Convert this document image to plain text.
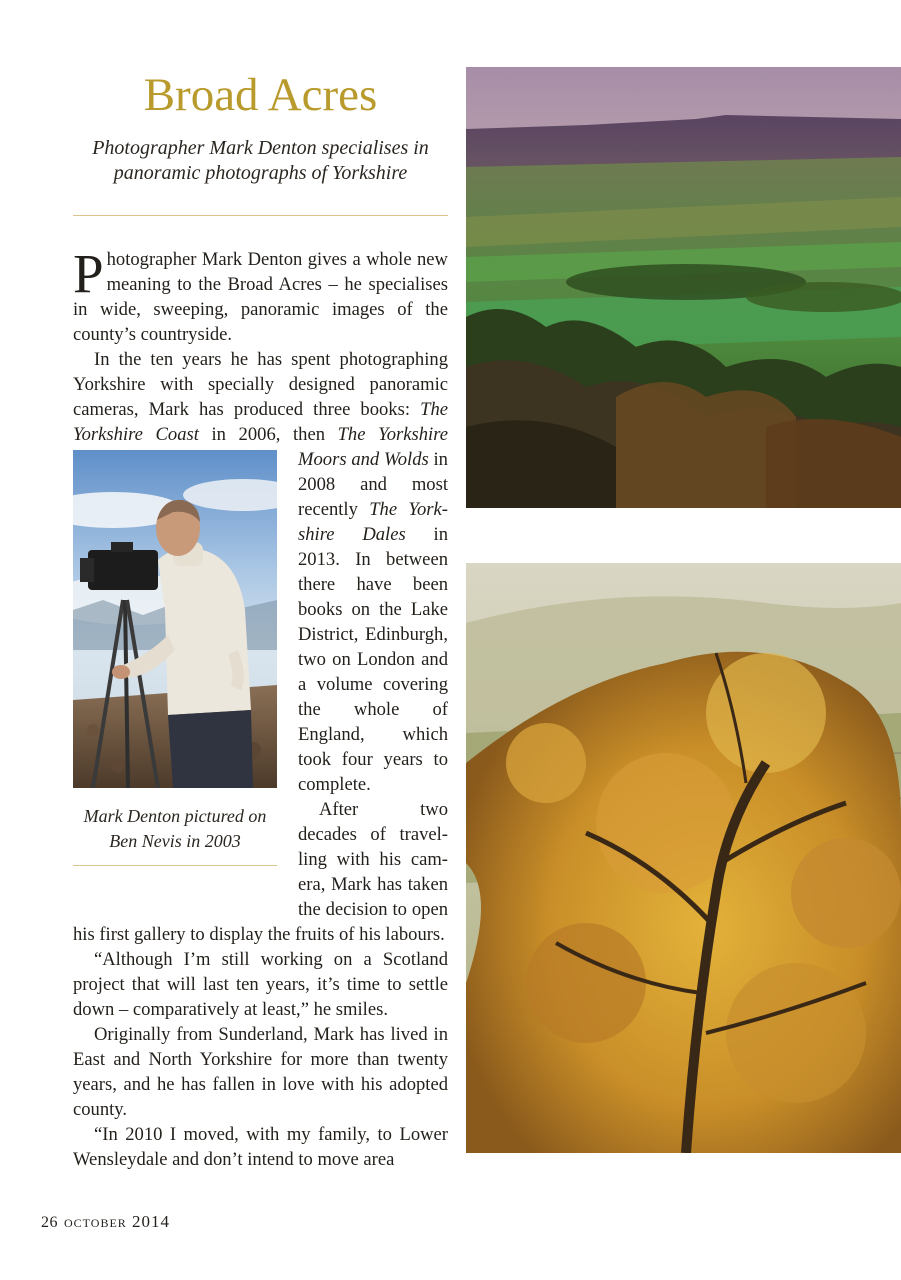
Broad Acres
Photographer Mark Denton specialises in panoramic photographs of Yorkshire

Photographer Mark Denton gives a whole new meaning to the Broad Acres – he specialises in wide, sweeping, panoramic images of the county’s countryside.

In the ten years he has spent photographing Yorkshire with specially designed panoramic cameras, Mark has produced three books: The Yorkshire Coast in 2006, then
Mark Denton pictured on Ben Nevis in 2003
The Yorkshire Moors and Wolds in 2008 and most recently The Yorkshire Dales in 2013. In between there have been books on the Lake District, Edinburgh, two on London and a volume covering the whole of England, which took four years to complete.

After two decades of travelling with his camera, Mark has taken the decision to open his first gallery to display the fruits of his labours.

“Although I’m still working on a Scotland project that will last ten years, it’s time to settle down – comparatively at least,” he smiles.

Originally from Sunderland, Mark has lived in East and North Yorkshire for more than twenty years, and he has fallen in love with his adopted county.

“In 2010 I moved, with my family, to Lower Wensleydale and don’t intend to move area

26 october 2014
